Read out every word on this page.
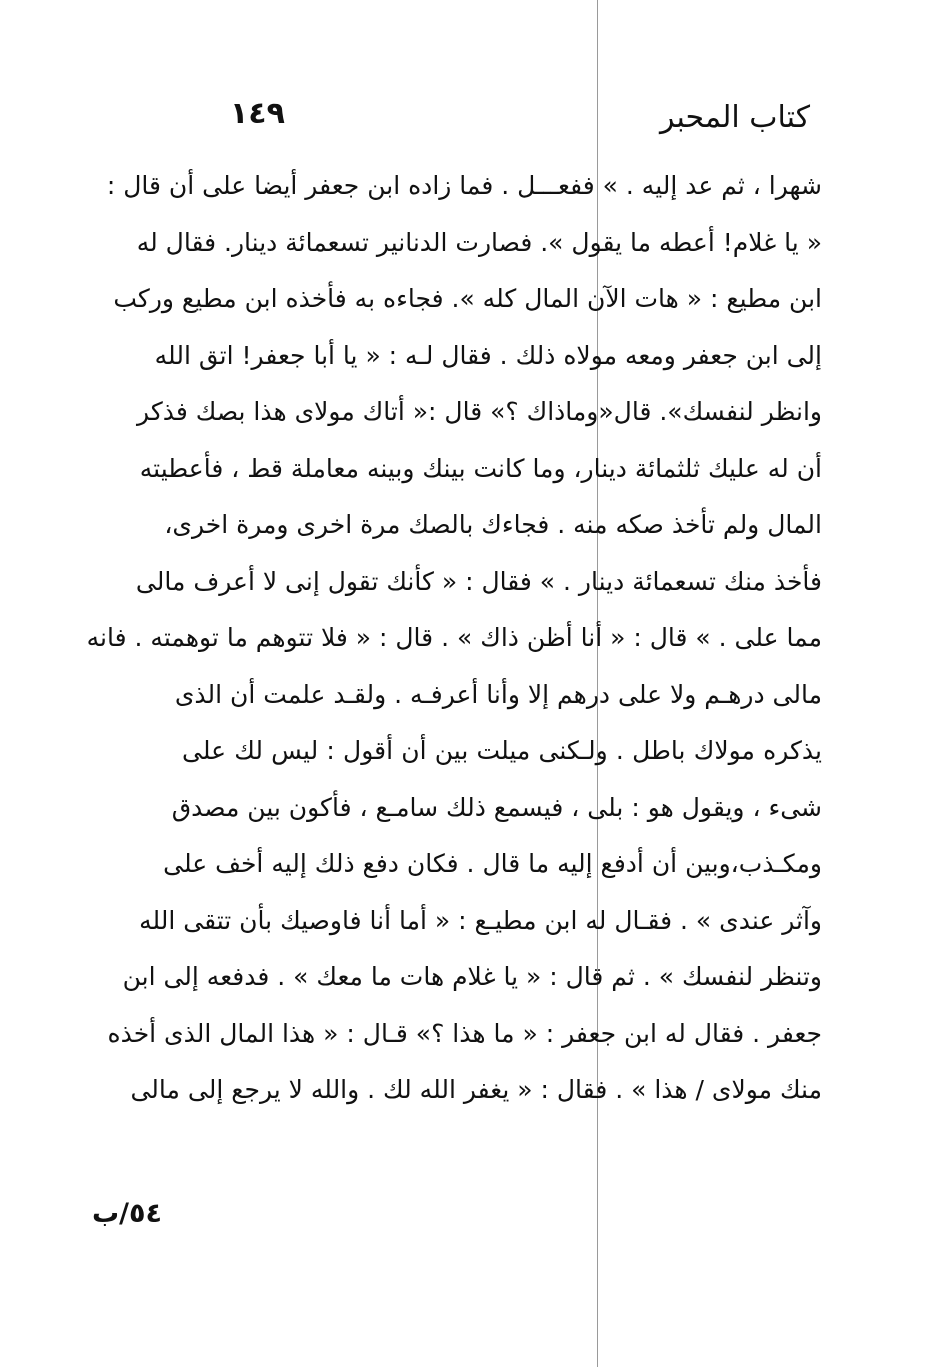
كتاب المحبر
١٤٩
شهرا ، ثم عد إليه . » ففعـــل . فما زاده ابن جعفر أيضا على أن قال :
« يا غلام! أعطه ما يقول ». فصارت الدنانير تسعمائة دينار. فقال له
ابن مطيع : « هات الآن المال كله ». فجاءه به فأخذه ابن مطيع وركب
إلى ابن جعفر ومعه مولاه ذلك . فقال لـه : « يا أبا جعفر! اتق الله
وانظر لنفسك». قال«وماذاك ؟» قال :« أتاك مولاى هذا بصك فذكر
أن له عليك ثلثمائة دينار، وما كانت بينك وبينه معاملة قط ، فأعطيته
المال ولم تأخذ صكه منه . فجاءك بالصك مرة اخرى ومرة اخرى،
فأخذ منك تسعمائة دينار . » فقال : « كأنك تقول إنى لا أعرف مالى
مما على . » قال : « أنا أظن ذاك » . قال : « فلا تتوهم ما توهمته . فانه
مالى درهـم ولا على درهم إلا وأنا أعرفـه . ولقـد علمت أن الذى
يذكره مولاك باطل . ولـكنى ميلت بين أن أقول : ليس لك على
شىء ، ويقول هو : بلى ، فيسمع ذلك سامـع ، فأكون بين مصدق
ومكـذب،وبين أن أدفع إليه ما قال . فكان دفع ذلك إليه أخف على
وآثر عندى » . فقـال له ابن مطيـع : « أما أنا فاوصيك بأن تتقى الله
وتنظر لنفسك » . ثم قال : « يا غلام هات ما معك » . فدفعه إلى ابن
جعفر . فقال له ابن جعفر : « ما هذا ؟» قـال : « هذا المال الذى أخذه
منك مولاى / هذا » . فقال : « يغفر الله لك . والله لا يرجع إلى مالى
٥٤/ب
